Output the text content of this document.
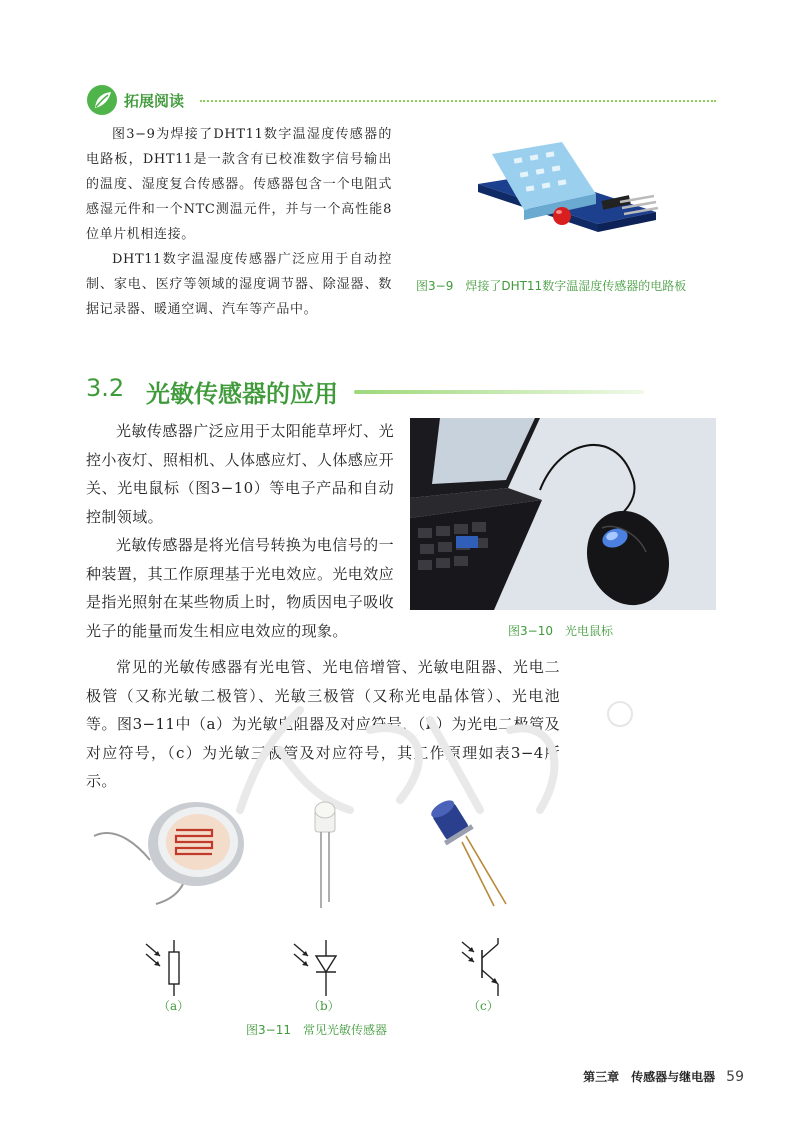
拓展阅读

图3−9为焊接了DHT11数字温湿度传感器的电路板，DHT11是一款含有已校准数字信号输出的温度、湿度复合传感器。传感器包含一个电阻式感湿元件和一个NTC测温元件，并与一个高性能8位单片机相连接。

DHT11数字温湿度传感器广泛应用于自动控制、家电、医疗等领域的湿度调节器、除湿器、数据记录器、暖通空调、汽车等产品中。

图3−9　焊接了DHT11数字温湿度传感器的电路板
3.2 光敏传感器的应用

光敏传感器广泛应用于太阳能草坪灯、光控小夜灯、照相机、人体感应灯、人体感应开关、光电鼠标（图3−10）等电子产品和自动控制领域。

光敏传感器是将光信号转换为电信号的一种装置，其工作原理基于光电效应。光电效应是指光照射在某些物质上时，物质因电子吸收光子的能量而发生相应电效应的现象。	图3−10　光电鼠标

常见的光敏传感器有光电管、光电倍增管、光敏电阻器、光电二极管（又称光敏二极管）、光敏三极管（又称光电晶体管）、光电池等。图3−11中（a）为光敏电阻器及对应符号，（b）为光电二极管及对应符号，（c）为光敏三极管及对应符号，其工作原理如表3−4所示。

（a）	（b）	（c）
图3−11　常见光敏传感器
第三章　传感器与继电器 59
